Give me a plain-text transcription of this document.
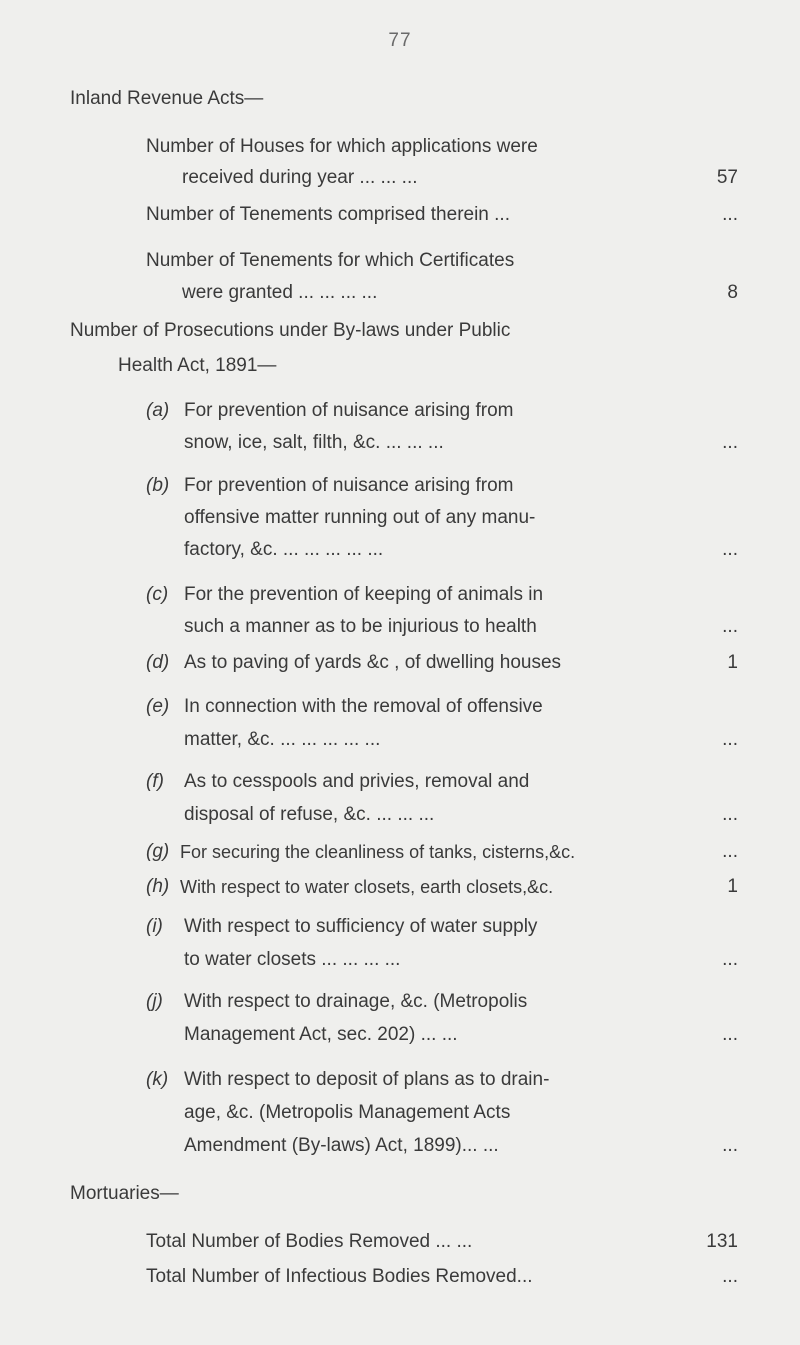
77
Inland Revenue Acts—
Number of Houses for which applications were
received during year ... ... ...	57
Number of Tenements comprised therein ...	...
Number of Tenements for which Certificates
were granted ... ... ... ...	8
Number of Prosecutions under By-laws under Public
Health Act, 1891—
(a) For prevention of nuisance arising from
snow, ice, salt, filth, &c. ... ... ...	...
(b) For prevention of nuisance arising from
offensive matter running out of any manu-
factory, &c. ... ... ... ... ...	...
(c) For the prevention of keeping of animals in
such a manner as to be injurious to health	...
(d) As to paving of yards &c , of dwelling houses	1
(e) In connection with the removal of offensive
matter, &c. ... ... ... ... ...	...
(f) As to cesspools and privies, removal and
disposal of refuse, &c. ... ... ...	...
(g) For securing the cleanliness of tanks, cisterns,&c.	...
(h) With respect to water closets, earth closets,&c.	1
(i) With respect to sufficiency of water supply
to water closets ... ... ... ...	...
(j) With respect to drainage, &c. (Metropolis
Management Act, sec. 202) ... ...	...
(k) With respect to deposit of plans as to drain-
age, &c. (Metropolis Management Acts
Amendment (By-laws) Act, 1899)... ...	...
Mortuaries—
Total Number of Bodies Removed ... ...	131
Total Number of Infectious Bodies Removed...	...
